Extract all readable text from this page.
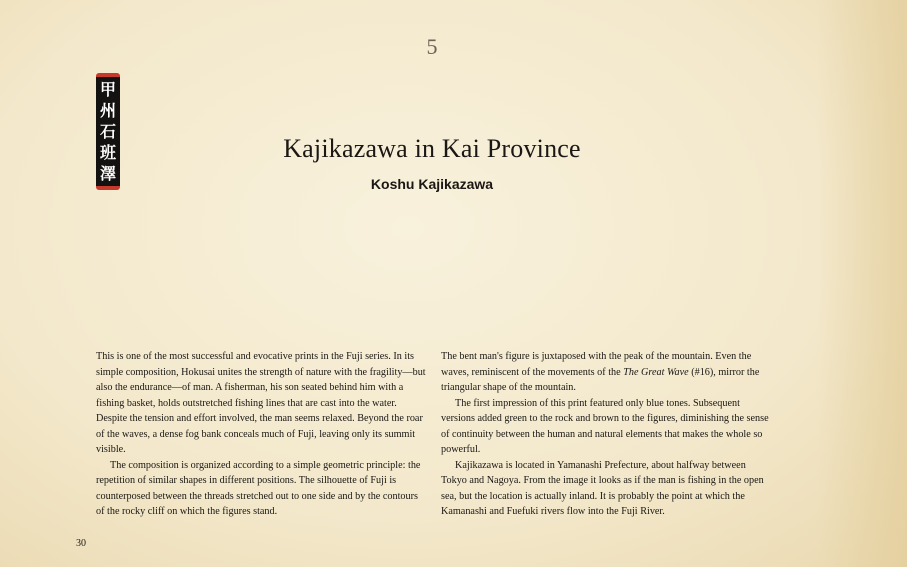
5
甲
州
石
班
澤
Kajikazawa in Kai Province
Koshu Kajikazawa

This is one of the most successful and evocative prints in the Fuji series. In its simple composition, Hokusai unites the strength of nature with the fragility—but also the endurance—of man. A fisherman, his son seated behind him with a fishing basket, holds outstretched fishing lines that are cast into the water. Despite the tension and effort involved, the man seems relaxed. Beyond the roar of the waves, a dense fog bank conceals much of Fuji, leaving only its summit visible.

The composition is organized according to a simple geometric principle: the repetition of similar shapes in different positions. The silhouette of Fuji is counterposed between the threads stretched out to one side and by the contours of the rocky cliff on which the figures stand.

The bent man's figure is juxtaposed with the peak of the mountain. Even the waves, reminiscent of the movements of the The Great Wave (#16), mirror the triangular shape of the mountain.

The first impression of this print featured only blue tones. Subsequent versions added green to the rock and brown to the figures, diminishing the sense of continuity between the human and natural elements that makes the whole so powerful.

Kajikazawa is located in Yamanashi Prefecture, about halfway between Tokyo and Nagoya. From the image it looks as if the man is fishing in the open sea, but the location is actually inland. It is probably the point at which the Kamanashi and Fuefuki rivers flow into the Fuji River.

30
